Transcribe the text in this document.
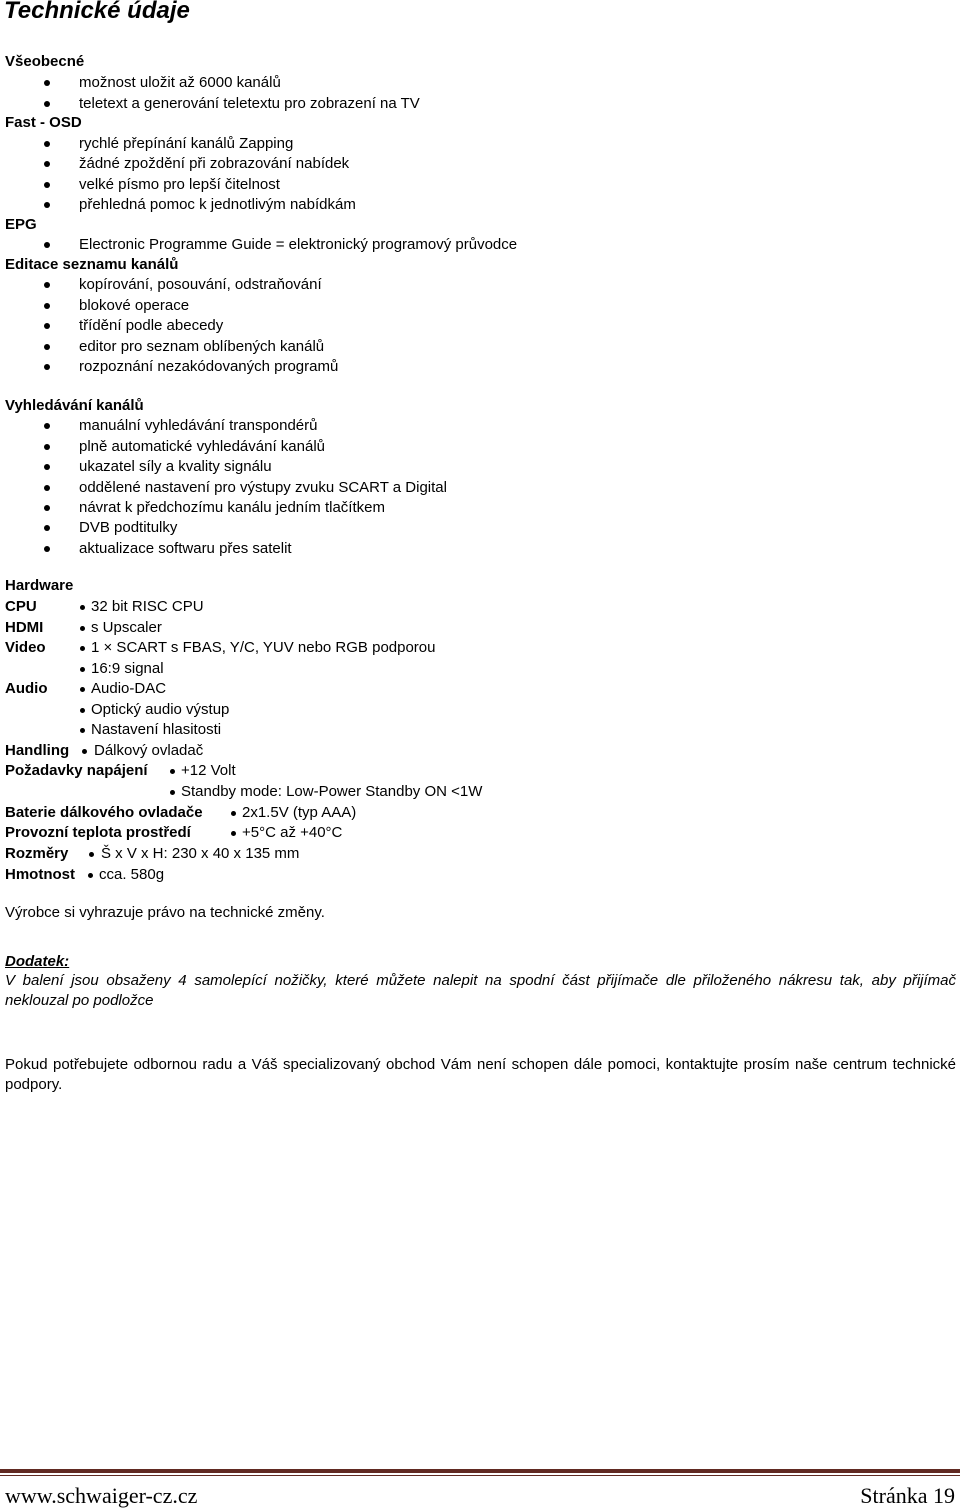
Technické údaje
Všeobecné
možnost uložit až 6000 kanálů
teletext a generování teletextu pro zobrazení na TV
Fast - OSD
rychlé přepínání kanálů Zapping
žádné zpoždění při zobrazování nabídek
velké písmo pro lepší čitelnost
přehledná pomoc k jednotlivým nabídkám
EPG
Electronic Programme Guide = elektronický programový průvodce
Editace seznamu kanálů
kopírování, posouvání, odstraňování
blokové operace
třídění podle abecedy
editor pro seznam oblíbených kanálů
rozpoznání nezakódovaných programů
Vyhledávání kanálů
manuální vyhledávání transpondérů
plně automatické vyhledávání kanálů
ukazatel síly a kvality signálu
oddělené nastavení pro výstupy zvuku SCART a Digital
návrat k předchozímu kanálu jedním tlačítkem
DVB podtitulky
aktualizace softwaru přes satelit
Hardware
CPU	32 bit RISC CPU
HDMI	s Upscaler
Video	1 × SCART s FBAS, Y/C, YUV nebo RGB podporou
16:9 signal
Audio	Audio-DAC
Optický audio výstup
Nastavení hlasitosti
Handling Dálkový ovladač
Požadavky napájení +12 Volt
Standby mode: Low-Power Standby ON <1W
Baterie dálkového ovladače	2x1.5V (typ AAA)
Provozní teplota prostředí	+5°C až +40°C
Rozměry Š x V x H: 230 x 40 x 135 mm
Hmotnost cca. 580g
Výrobce si vyhrazuje právo na technické změny.
Dodatek:
V balení jsou obsaženy 4 samolepící nožičky, které můžete nalepit na spodní část přijímače dle přiloženého nákresu tak, aby přijímač neklouzal po podložce
Pokud potřebujete odbornou radu a Váš specializovaný obchod Vám není schopen dále pomoci, kontaktujte prosím naše centrum technické podpory.
www.schwaiger-cz.cz	Stránka 19
